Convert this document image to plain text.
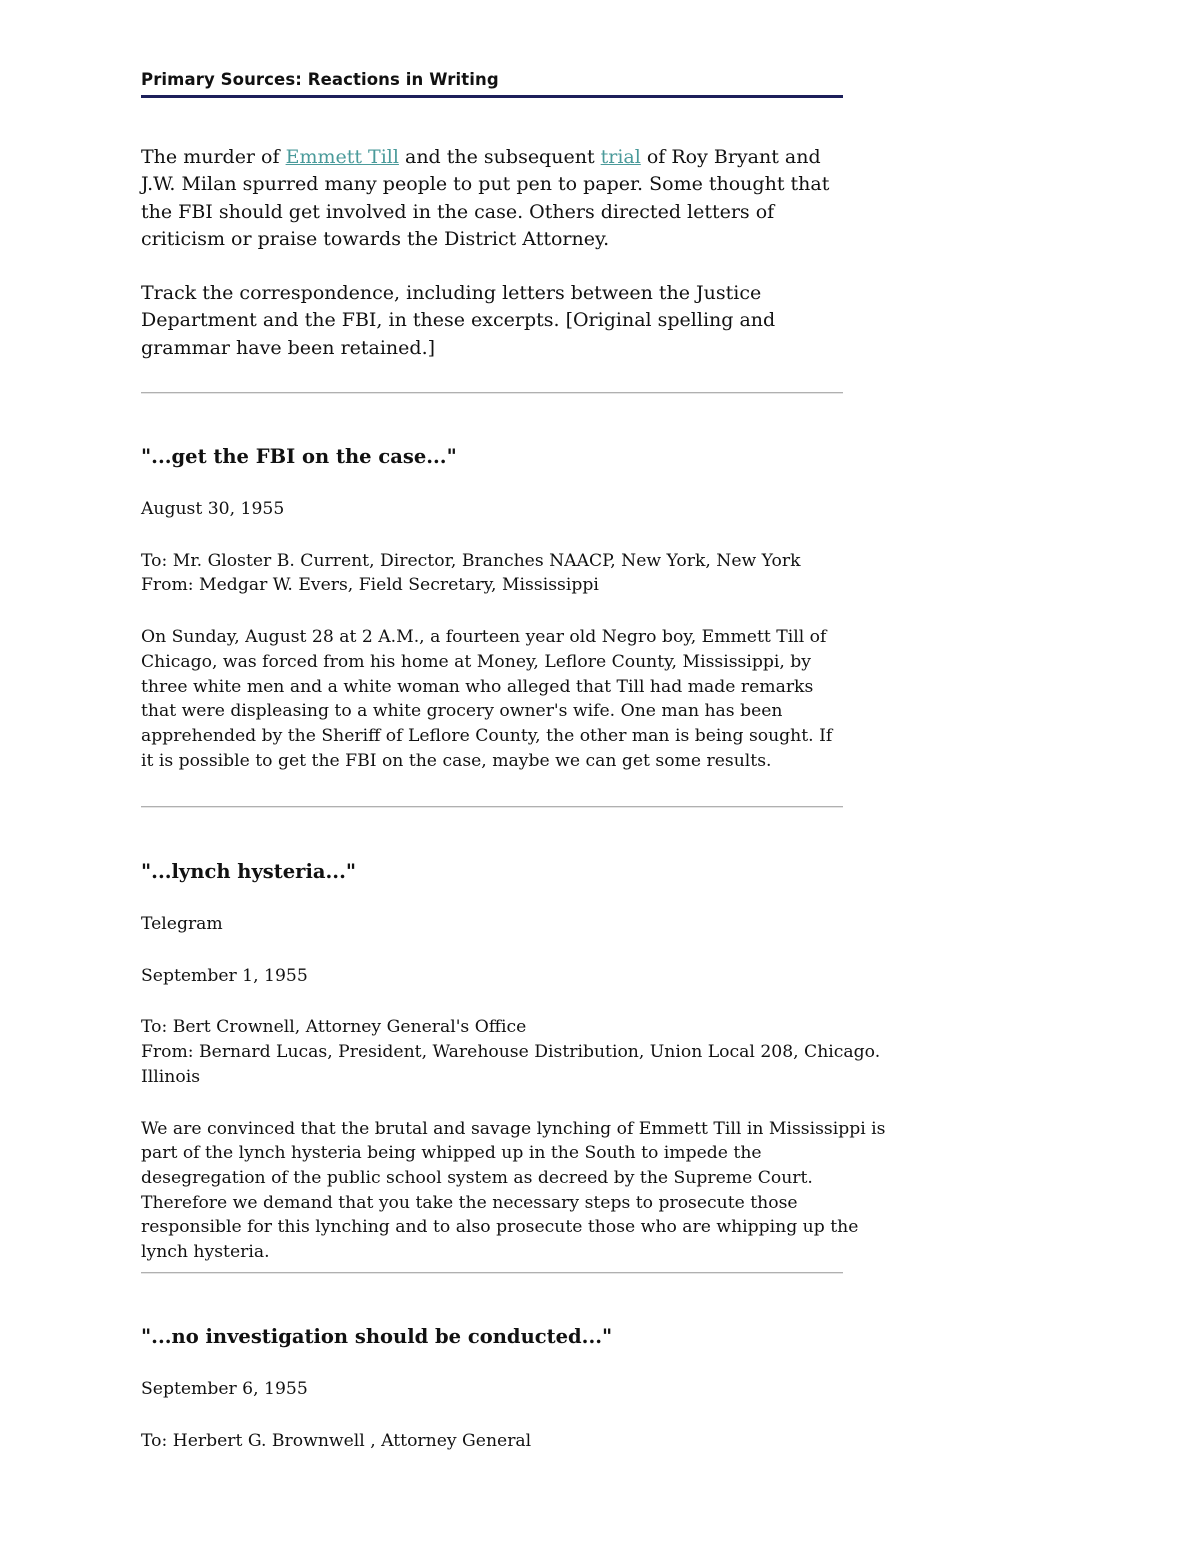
Primary Sources: Reactions in Writing

The murder of Emmett Till and the subsequent trial of Roy Bryant and J.W. Milan spurred many people to put pen to paper. Some thought that the FBI should get involved in the case. Others directed letters of criticism or praise towards the District Attorney.

Track the correspondence, including letters between the Justice Department and the FBI, in these excerpts. [Original spelling and grammar have been retained.]

"...get the FBI on the case..."

August 30, 1955

To: Mr. Gloster B. Current, Director, Branches NAACP, New York, New York
From: Medgar W. Evers, Field Secretary, Mississippi

On Sunday, August 28 at 2 A.M., a fourteen year old Negro boy, Emmett Till of Chicago, was forced from his home at Money, Leflore County, Mississippi, by three white men and a white woman who alleged that Till had made remarks that were displeasing to a white grocery owner's wife. One man has been apprehended by the Sheriff of Leflore County, the other man is being sought. If it is possible to get the FBI on the case, maybe we can get some results.

"...lynch hysteria..."

Telegram

September 1, 1955

To: Bert Crownell, Attorney General's Office
From: Bernard Lucas, President, Warehouse Distribution, Union Local 208, Chicago. Illinois

We are convinced that the brutal and savage lynching of Emmett Till in Mississippi is part of the lynch hysteria being whipped up in the South to impede the desegregation of the public school system as decreed by the Supreme Court. Therefore we demand that you take the necessary steps to prosecute those responsible for this lynching and to also prosecute those who are whipping up the lynch hysteria.

"...no investigation should be conducted..."

September 6, 1955

To: Herbert G. Brownwell , Attorney General
